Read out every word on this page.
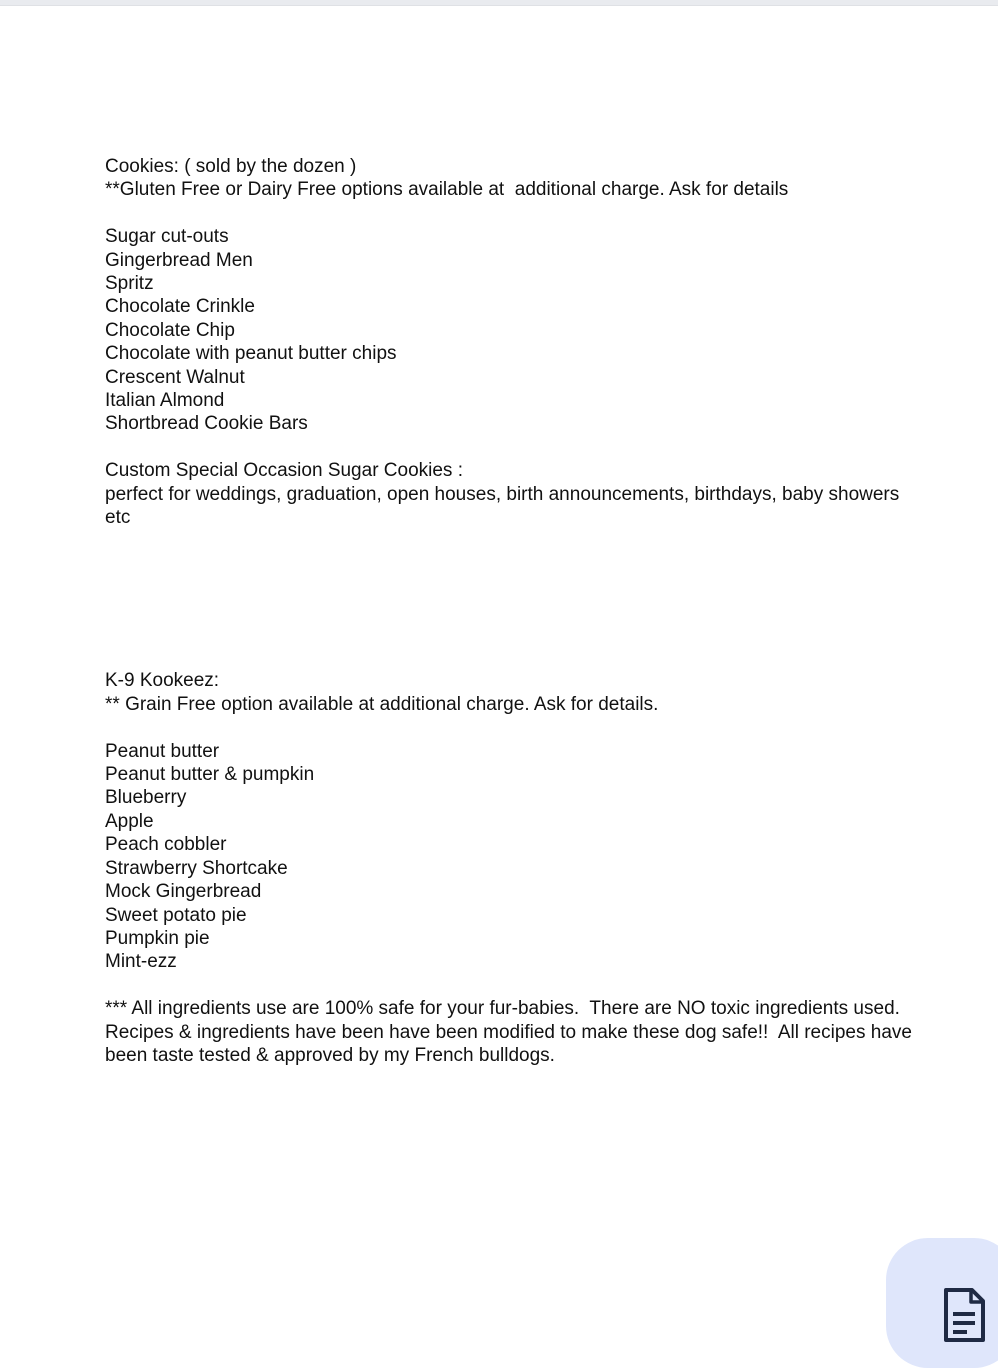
Cookies: ( sold by the dozen )
**Gluten Free or Dairy Free options available at  additional charge. Ask for details
Sugar cut-outs
Gingerbread Men
Spritz
Chocolate Crinkle
Chocolate Chip
Chocolate with peanut butter chips
Crescent Walnut
Italian Almond
Shortbread Cookie Bars
Custom Special Occasion Sugar Cookies :
perfect for weddings, graduation, open houses, birth announcements, birthdays, baby showers etc
K-9 Kookeez:
** Grain Free option available at additional charge. Ask for details.
Peanut butter
Peanut butter & pumpkin
Blueberry
Apple
Peach cobbler
Strawberry Shortcake
Mock Gingerbread
Sweet potato pie
Pumpkin pie
Mint-ezz
*** All ingredients use are 100% safe for your fur-babies.  There are NO toxic ingredients used. Recipes & ingredients have been have been modified to make these dog safe!!  All recipes have been taste tested & approved by my French bulldogs.
